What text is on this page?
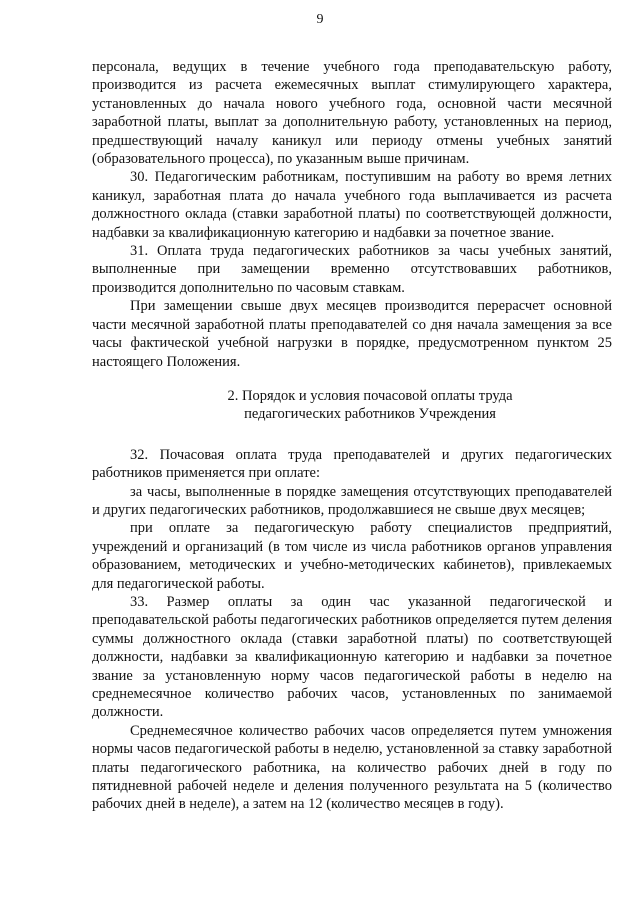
9

персонала, ведущих в течение учебного года преподавательскую работу, производится из расчета ежемесячных выплат стимулирующего характера, установленных до начала нового учебного года, основной части месячной заработной платы, выплат за дополнительную работу, установленных на период, предшествующий началу каникул или периоду отмены учебных занятий (образовательного процесса), по указанным выше причинам.

30. Педагогическим работникам, поступившим на работу во время летних каникул, заработная плата до начала учебного года выплачивается из расчета должностного оклада (ставки заработной платы) по соответствующей должности, надбавки за квалификационную категорию и надбавки за почетное звание.

31. Оплата труда педагогических работников за часы учебных занятий, выполненные при замещении временно отсутствовавших работников, производится дополнительно по часовым ставкам.

При замещении свыше двух месяцев производится перерасчет основной части месячной заработной платы преподавателей со дня начала замещения за все часы фактической учебной нагрузки в порядке, предусмотренном пунктом 25 настоящего Положения.

2. Порядок и условия почасовой оплаты труда
педагогических работников Учреждения

32. Почасовая оплата труда преподавателей и других педагогических работников применяется при оплате:

за часы, выполненные в порядке замещения отсутствующих преподавателей и других педагогических работников, продолжавшиеся не свыше двух месяцев;

при оплате за педагогическую работу специалистов предприятий, учреждений и организаций (в том числе из числа работников органов управления образованием, методических и учебно-методических кабинетов), привлекаемых для педагогической работы.

33. Размер оплаты за один час указанной педагогической и преподавательской работы педагогических работников определяется путем деления суммы должностного оклада (ставки заработной платы) по соответствующей должности, надбавки за квалификационную категорию и надбавки за почетное звание за установленную норму часов педагогической работы в неделю на среднемесячное количество рабочих часов, установленных по занимаемой должности.

Среднемесячное количество рабочих часов определяется путем умножения нормы часов педагогической работы в неделю, установленной за ставку заработной платы педагогического работника, на количество рабочих дней в году по пятидневной рабочей неделе и деления полученного результата на 5 (количество рабочих дней в неделе), а затем на 12 (количество месяцев в году).
